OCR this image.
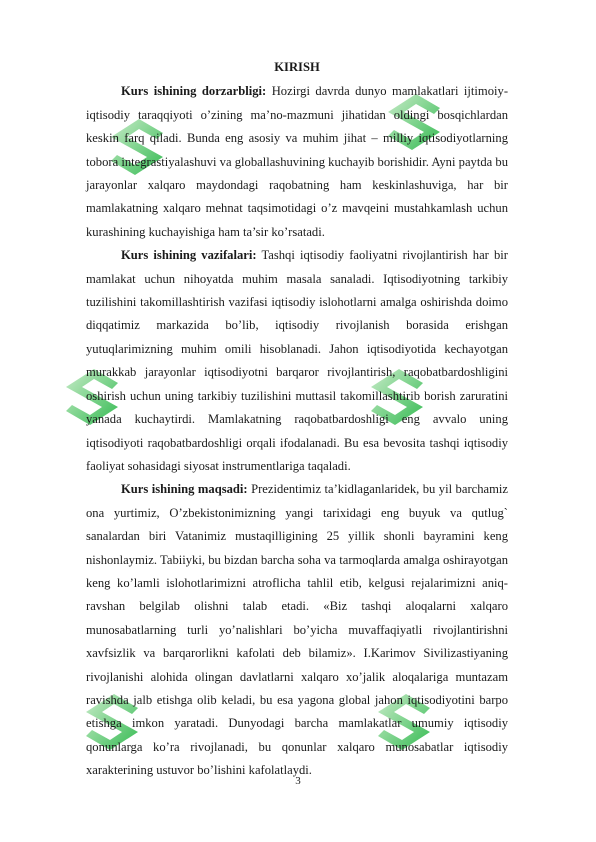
KIRISH

Kurs ishining dorzarbligi: Hozirgi davrda dunyo mamlakatlari ijtimoiy-iqtisodiy taraqqiyoti o’zining ma’no-mazmuni jihatidan oldingi bosqichlardan keskin farq qiladi. Bunda eng asosiy va muhim jihat – milliy iqtisodiyotlarning tobora integrastiyalashuvi va globallashuvining kuchayib borishidir. Ayni paytda bu jarayonlar xalqaro maydondagi raqobatning ham keskinlashuviga, har bir mamlakatning xalqaro mehnat taqsimotidagi o’z mavqeini mustahkamlash uchun kurashining kuchayishiga ham ta’sir ko’rsatadi.

Kurs ishining vazifalari: Tashqi iqtisodiy faoliyatni rivojlantirish har bir mamlakat uchun nihoyatda muhim masala sanaladi. Iqtisodiyotning tarkibiy tuzilishini takomillashtirish vazifasi iqtisodiy islohotlarni amalga oshirishda doimo diqqatimiz markazida bo’lib, iqtisodiy rivojlanish borasida erishgan yutuqlarimizning muhim omili hisoblanadi. Jahon iqtisodiyotida kechayotgan murakkab jarayonlar iqtisodiyotni barqaror rivojlantirish, raqobatbardoshligini oshirish uchun uning tarkibiy tuzilishini muttasil takomillashtirib borish zaruratini yanada kuchaytirdi. Mamlakatning raqobatbardoshligi eng avvalo uning iqtisodiyoti raqobatbardoshligi orqali ifodalanadi. Bu esa bevosita tashqi iqtisodiy faoliyat sohasidagi siyosat instrumentlariga taqaladi.

Kurs ishining maqsadi: Prezidentimiz ta’kidlaganlaridek, bu yil barchamiz ona yurtimiz, O’zbekistonimizning yangi tarixidagi eng buyuk va qutlug` sanalardan biri Vatanimiz mustaqilligining 25 yillik shonli bayramini keng nishonlaymiz. Tabiiyki, bu bizdan barcha soha va tarmoqlarda amalga oshirayotgan keng ko’lamli islohotlarimizni atroflicha tahlil etib, kelgusi rejalarimizni aniq-ravshan belgilab olishni talab etadi. «Biz tashqi aloqalarni xalqaro munosabatlarning turli yo’nalishlari bo’yicha muvaffaqiyatli rivojlantirishni xavfsizlik va barqarorlikni kafolati deb bilamiz». I.Karimov Sivilizastiyaning rivojlanishi alohida olingan davlatlarni xalqaro xo’jalik aloqalariga muntazam ravishda jalb etishga olib keladi, bu esa yagona global jahon iqtisodiyotini barpo etishga imkon yaratadi. Dunyodagi barcha mamlakatlar umumiy iqtisodiy qonunlarga ko’ra rivojlanadi, bu qonunlar xalqaro munosabatlar iqtisodiy xarakterining ustuvor bo’lishini kafolatlaydi.

3
